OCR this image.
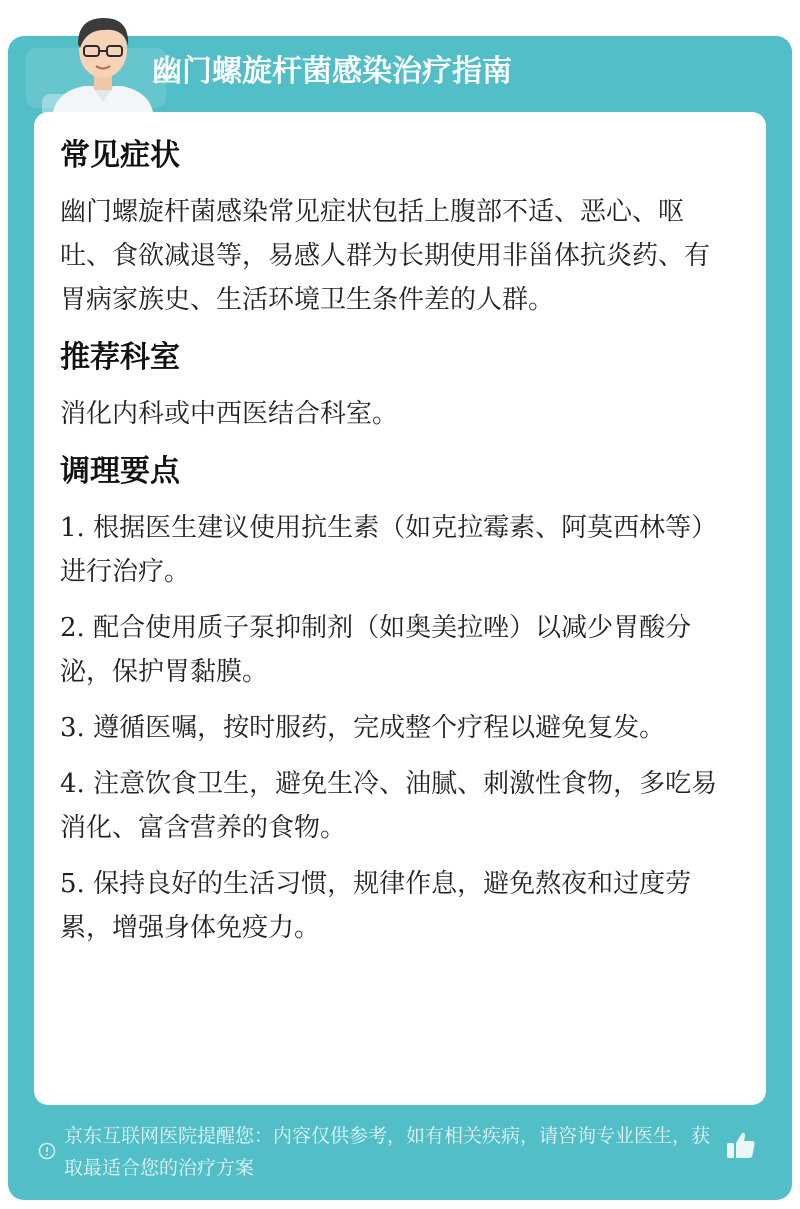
幽门螺旋杆菌感染治疗指南
常见症状
幽门螺旋杆菌感染常见症状包括上腹部不适、恶心、呕吐、食欲减退等，易感人群为长期使用非甾体抗炎药、有胃病家族史、生活环境卫生条件差的人群。
推荐科室
消化内科或中西医结合科室。
调理要点
1. 根据医生建议使用抗生素（如克拉霉素、阿莫西林等）进行治疗。
2. 配合使用质子泵抑制剂（如奥美拉唑）以减少胃酸分泌，保护胃黏膜。
3. 遵循医嘱，按时服药，完成整个疗程以避免复发。
4. 注意饮食卫生，避免生冷、油腻、刺激性食物，多吃易消化、富含营养的食物。
5. 保持良好的生活习惯，规律作息，避免熬夜和过度劳累，增强身体免疫力。
京东互联网医院提醒您：内容仅供参考，如有相关疾病，请咨询专业医生，获取最适合您的治疗方案
